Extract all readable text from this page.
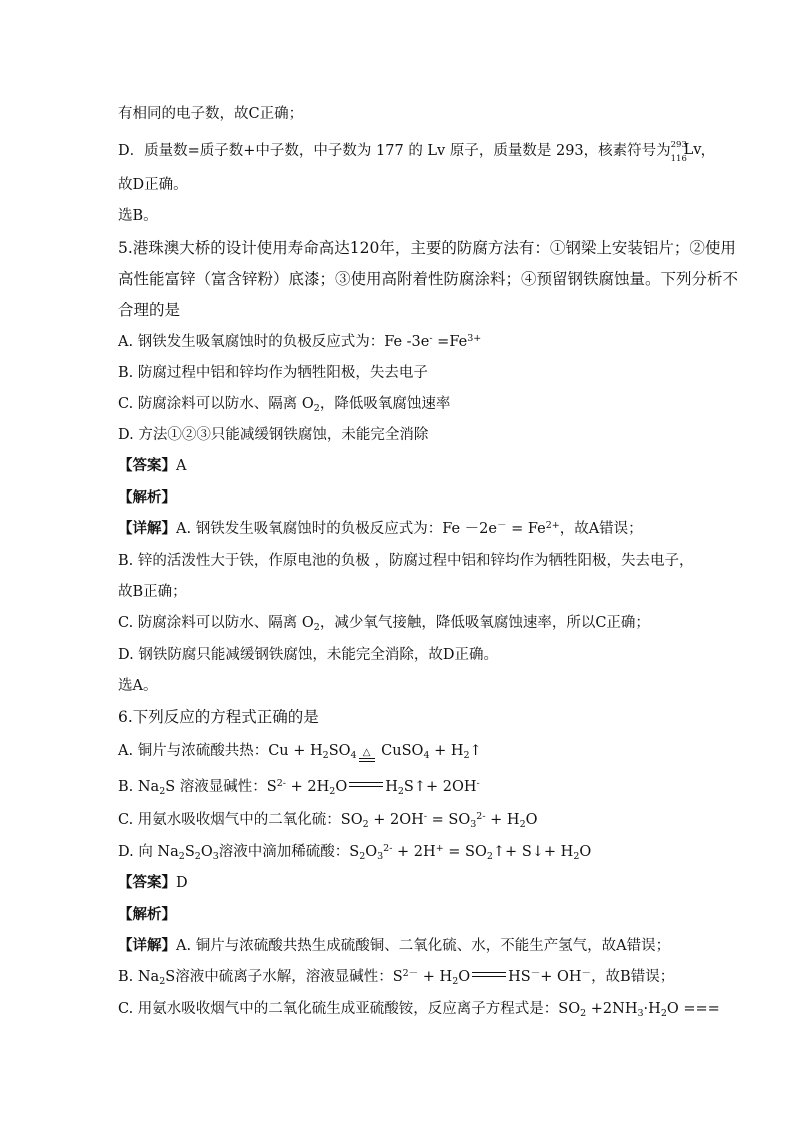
有相同的电子数，故C正确；
D．质量数=质子数+中子数，中子数为 177 的 Lv 原子，质量数是 293，核素符号为 293
116
Lv ，
故D正确。
选B。
5.港珠澳大桥的设计使用寿命高达120年，主要的防腐方法有：①钢梁上安装铝片；②使用
高性能富锌（富含锌粉）底漆；③使用高附着性防腐涂料；④预留钢铁腐蚀量。下列分析不
合理的是
A. 钢铁发生吸氧腐蚀时的负极反应式为：Fe $-3e^- =Fe^{3+}$
B. 防腐过程中铝和锌均作为牺牲阳极，失去电子
C. 防腐涂料可以防水、隔离 $O_2$，降低吸氧腐蚀速率
D. 方法①②③只能减缓钢铁腐蚀，未能完全消除
【答案】A
【解析】
【详解】A. 钢铁发生吸氧腐蚀时的负极反应式为：$Fe -2e^- = Fe^{2+}$，故A错误；
B. 锌的活泼性大于铁，作原电池的负极 ，防腐过程中铝和锌均作为牺牲阳极，失去电子，
故B正确；
C. 防腐涂料可以防水、隔离 $O_2$，减少氧气接触，降低吸氧腐蚀速率，所以C正确；
D. 钢铁防腐只能减缓钢铁腐蚀，未能完全消除，故D正确。
选A。
6.下列反应的方程式正确的是
A. 铜片与浓硫酸共热：$Cu + H_2SO_4$ △ CuSO$_4$ + $H_2↑$
B. $Na_2S$ 溶液显碱性：$S^{2-} + 2H_2O$	$H_2S↑+ 2OH^-$
C. 用氨水吸收烟气中的二氧化硫：$SO_2 + 2OH^- = SO_3^{2-} + H_2O$
D. 向 $Na_2S_2O_3$溶液中滴加稀硫酸：$S_2O_3^{2-} + 2H^+$ = $SO_2↑+$ S↓+ $H_2O$
【答案】D
【解析】
【详解】A. 铜片与浓硫酸共热生成硫酸铜、二氧化硫、水，不能生产氢气，故A错误；
B. $Na_2S$溶液中硫离子水解，溶液显碱性：$S^{2-} + H_2O$	HS－+ OH－，故B错误；
C. 用氨水吸收烟气中的二氧化硫生成亚硫酸铵，反应离子方程式是：$SO_2 +2NH_3\cdot H_2O$ ===
